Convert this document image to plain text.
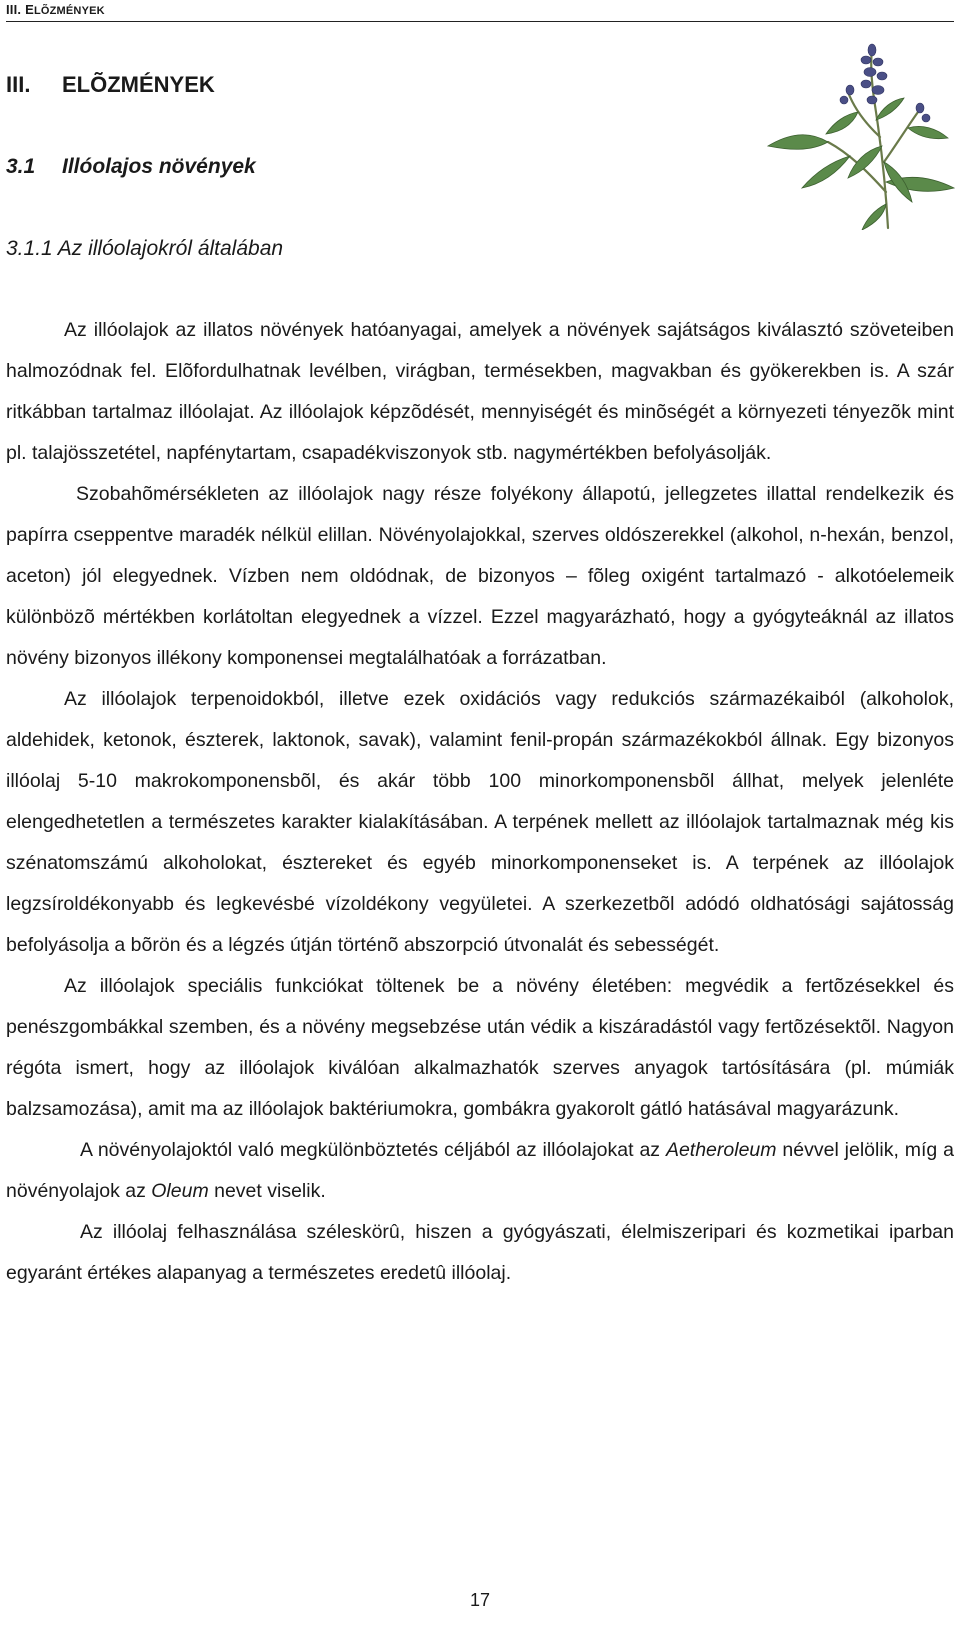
III. ELÕZMÉNYEK
III. ELÕZMÉNYEK
3.1 Illóolajos növények
3.1.1 Az illóolajokról általában

Az illóolajok az illatos növények hatóanyagai, amelyek a növények sajátságos kiválasztó szöveteiben halmozódnak fel. Elõfordulhatnak levélben, virágban, termésekben, magvakban és gyökerekben is. A szár ritkábban tartalmaz illóolajat. Az illóolajok képzõdését, mennyiségét és minõségét a környezeti tényezõk mint pl. talajösszetétel, napfénytartam, csapadékviszonyok stb. nagymértékben befolyásolják.

Szobahõmérsékleten az illóolajok nagy része folyékony állapotú, jellegzetes illattal rendelkezik és papírra cseppentve maradék nélkül elillan. Növényolajokkal, szerves oldószerekkel (alkohol, n-hexán, benzol, aceton) jól elegyednek. Vízben nem oldódnak, de bizonyos – fõleg oxigént tartalmazó - alkotóelemeik különbözõ mértékben korlátoltan elegyednek a vízzel. Ezzel magyarázható, hogy a gyógyteáknál az illatos növény bizonyos illékony komponensei megtalálhatóak a forrázatban.

Az illóolajok terpenoidokból, illetve ezek oxidációs vagy redukciós származékaiból (alkoholok, aldehidek, ketonok, észterek, laktonok, savak), valamint fenil-propán származékokból állnak. Egy bizonyos illóolaj 5-10 makrokomponensbõl, és akár több 100 minorkomponensbõl állhat, melyek jelenléte elengedhetetlen a természetes karakter kialakításában. A terpének mellett az illóolajok tartalmaznak még kis szénatomszámú alkoholokat, észtereket és egyéb minorkomponenseket is. A terpének az illóolajok legzsíroldékonyabb és legkevésbé vízoldékony vegyületei. A szerkezetbõl adódó oldhatósági sajátosság befolyásolja a bõrön és a légzés útján történõ abszorpció útvonalát és sebességét.

Az illóolajok speciális funkciókat töltenek be a növény életében: megvédik a fertõzésekkel és penészgombákkal szemben, és a növény megsebzése után védik a kiszáradástól vagy fertõzésektõl. Nagyon régóta ismert, hogy az illóolajok kiválóan alkalmazhatók szerves anyagok tartósítására (pl. múmiák balzsamozása), amit ma az illóolajok baktériumokra, gombákra gyakorolt gátló hatásával magyarázunk.

A növényolajoktól való megkülönböztetés céljából az illóolajokat az Aetheroleum névvel jelölik, míg a növényolajok az Oleum nevet viselik.

Az illóolaj felhasználása széleskörû, hiszen a gyógyászati, élelmiszeripari és kozmetikai iparban egyaránt értékes alapanyag a természetes eredetû illóolaj.

17
